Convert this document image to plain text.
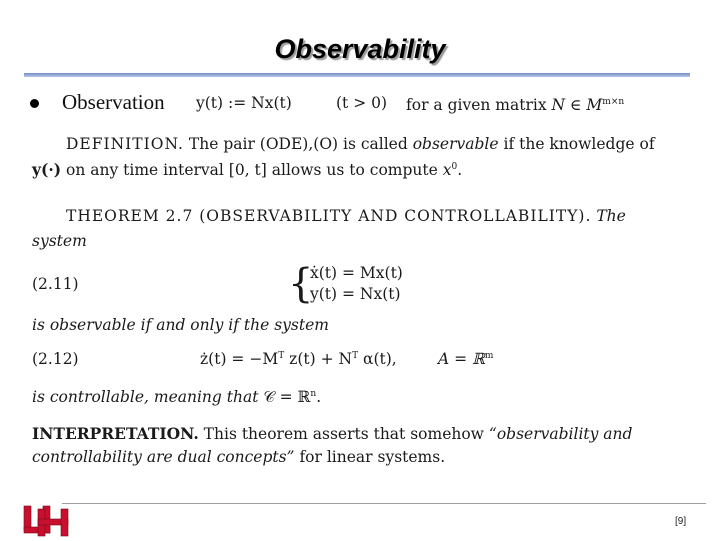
Observability
Observation y(t) := Nx(t)	(t > 0) for a given matrix N ∈ $M^{m\times n}$
DEFINITION. The pair (ODE),(O) is called observable if the knowledge of
y(·) on any time interval [0, t] allows us to compute $x^0$.
THEOREM 2.7 (OBSERVABILITY AND CONTROLLABILITY). The
system
(2.11)	{
ẋ(t) = Mx(t)
y(t) = Nx(t)
is observable if and only if the system
(2.12)	ż(t) = $-M^T$ $z(t) + N^T$ α(t),	A = ℝ$^m$
is controllable, meaning that 𝒞 = ℝ$^n$.
INTERPRETATION. This theorem asserts that somehow “observability and
controllability are dual concepts” for linear systems.
[9]
